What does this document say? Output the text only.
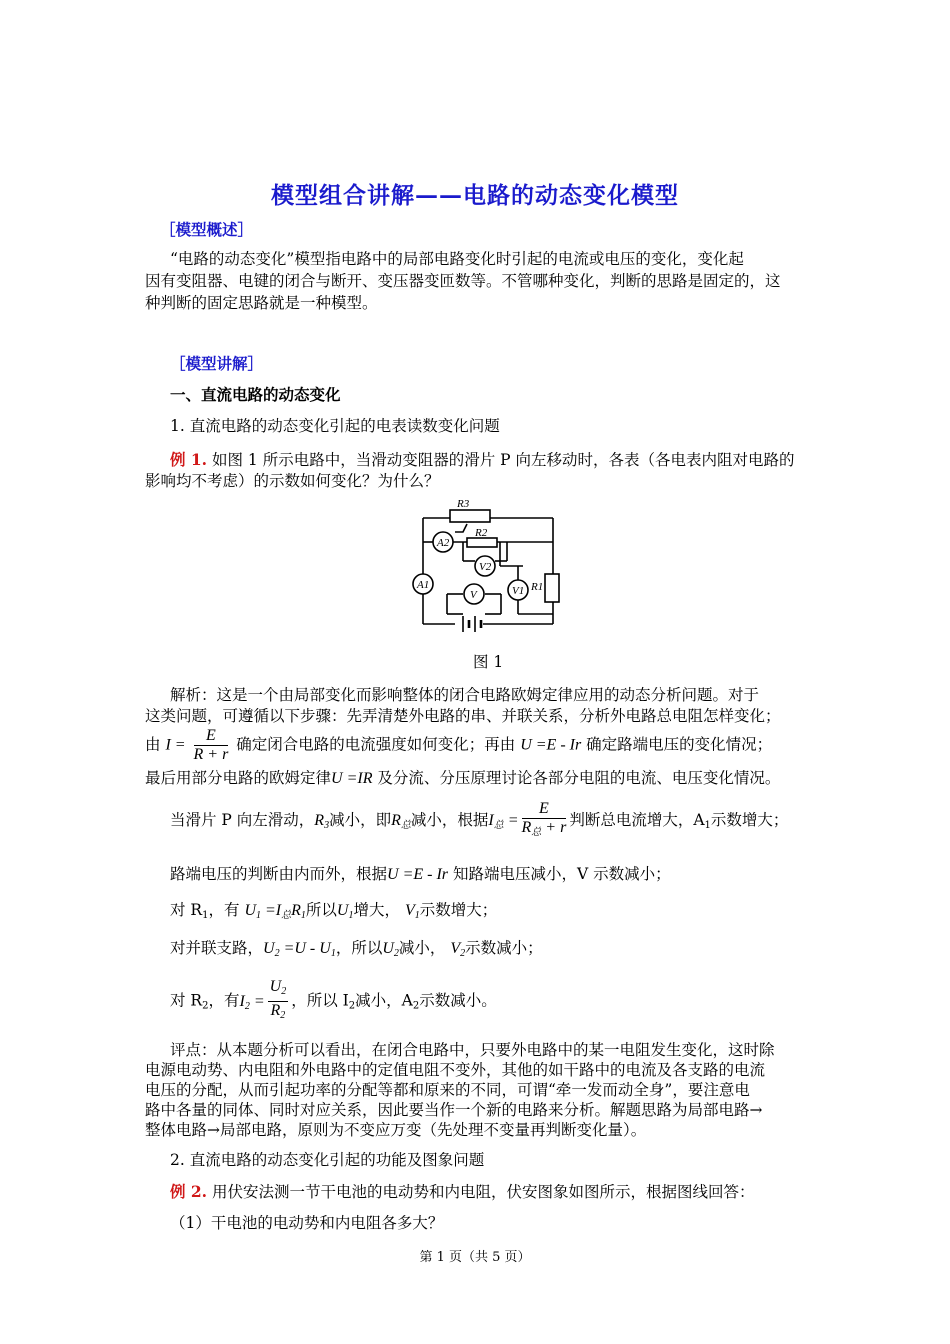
模型组合讲解——电路的动态变化模型
［模型概述］
“电路的动态变化”模型指电路中的局部电路变化时引起的电流或电压的变化，变化起
因有变阻器、电键的闭合与断开、变压器变匝数等。不管哪种变化，判断的思路是固定的，这
种判断的固定思路就是一种模型。
［模型讲解］
一、直流电路的动态变化
1. 直流电路的动态变化引起的电表读数变化问题
例 1. 如图 1 所示电路中，当滑动变阻器的滑片 P 向左移动时，各表（各电表内阻对电路的
影响均不考虑）的示数如何变化？为什么？
R3
A2
R2
V2
A1	V1 R1
V
图 1
解析：这是一个由局部变化而影响整体的闭合电路欧姆定律应用的动态分析问题。对于
这类问题，可遵循以下步骤：先弄清楚外电路的串、并联关系，分析外电路总电阻怎样变化；
由 $I = \frac{E}{R + r}$ 确定闭合电路的电流强度如何变化；再由 U =E - Ir 确定路端电压的变化情况；
最后用部分电路的欧姆定律U =IR 及分流、分压原理讨论各部分电阻的电流、电压变化情况。
当滑片 P 向左滑动，$R_3$减小，即$R_总$减小，根据$I_总 = \frac{E}{R_总 + r}$ 判断总电流增大，$A_1$示数增大；
路端电压的判断由内而外，根据U =E - Ir 知路端电压减小，V 示数减小；
对 $R_1$，有 $U_1 =I_总R_1$所以$U_1$增大， $V_1$示数增大；
对并联支路，$U_2 =U - U_1$，所以$U_2$减小， $V_2$示数减小；
对 $R_2$，有$I_2 = \frac{U_2}{R_2}$ ，所以 $I_2$减小，$A_2$示数减小。
评点：从本题分析可以看出，在闭合电路中，只要外电路中的某一电阻发生变化，这时除
电源电动势、内电阻和外电路中的定值电阻不变外，其他的如干路中的电流及各支路的电流
电压的分配，从而引起功率的分配等都和原来的不同，可谓“牵一发而动全身”，要注意电
路中各量的同体、同时对应关系，因此要当作一个新的电路来分析。解题思路为局部电路→
整体电路→局部电路，原则为不变应万变（先处理不变量再判断变化量）。
2. 直流电路的动态变化引起的功能及图象问题
例 2. 用伏安法测一节干电池的电动势和内电阻，伏安图象如图所示，根据图线回答：
（1）干电池的电动势和内电阻各多大？
第 1 页（共 5 页）
